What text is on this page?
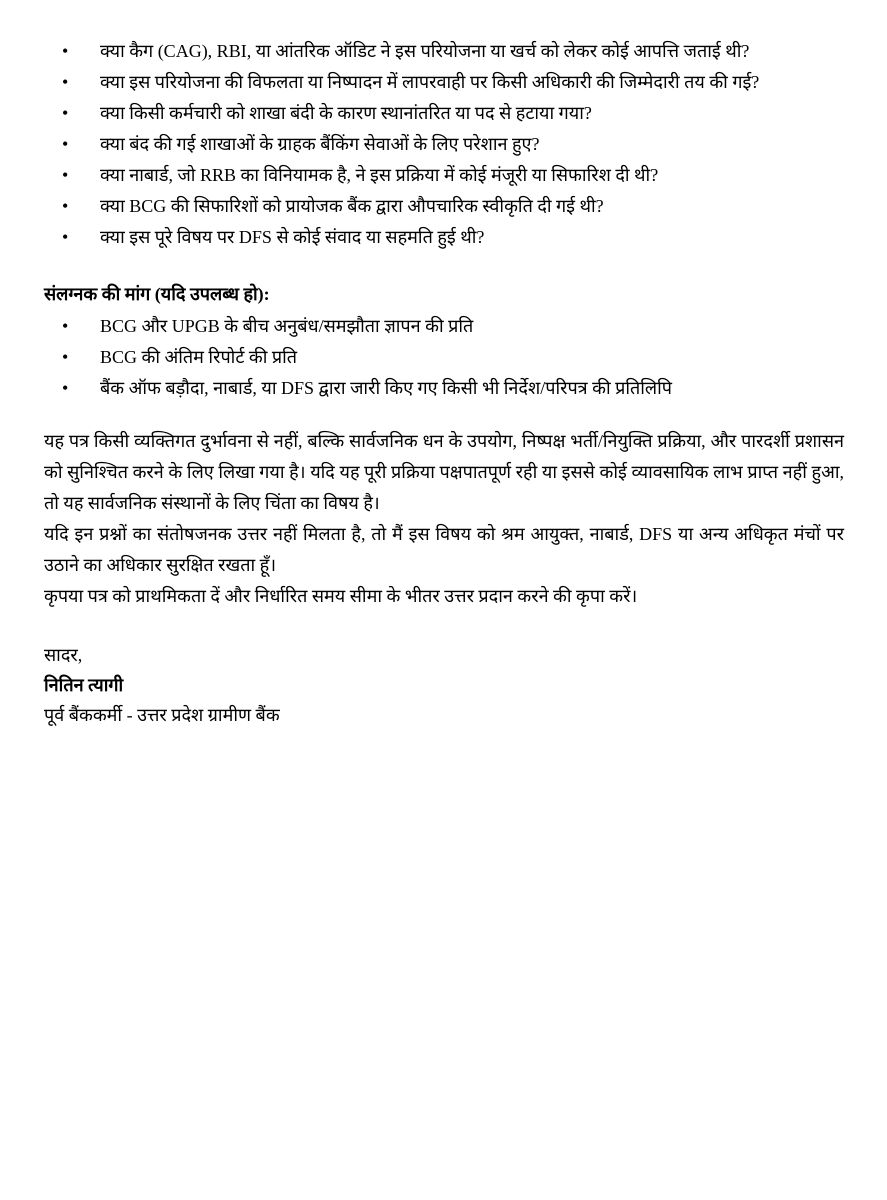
• क्या कैग (CAG), RBI, या आंतरिक ऑडिट ने इस परियोजना या खर्च को लेकर कोई आपत्ति जताई थी?
• क्या इस परियोजना की विफलता या निष्पादन में लापरवाही पर किसी अधिकारी की जिम्मेदारी तय की गई?
• क्या किसी कर्मचारी को शाखा बंदी के कारण स्थानांतरित या पद से हटाया गया?
• क्या बंद की गई शाखाओं के ग्राहक बैंकिंग सेवाओं के लिए परेशान हुए?
• क्या नाबार्ड, जो RRB का विनियामक है, ने इस प्रक्रिया में कोई मंजूरी या सिफारिश दी थी?
• क्या BCG की सिफारिशों को प्रायोजक बैंक द्वारा औपचारिक स्वीकृति दी गई थी?
• क्या इस पूरे विषय पर DFS से कोई संवाद या सहमति हुई थी?
संलग्नक की मांग (यदि उपलब्ध हो):
• BCG और UPGB के बीच अनुबंध/समझौता ज्ञापन की प्रति
• BCG की अंतिम रिपोर्ट की प्रति
• बैंक ऑफ बड़ौदा, नाबार्ड, या DFS द्वारा जारी किए गए किसी भी निर्देश/परिपत्र की प्रतिलिपि

यह पत्र किसी व्यक्तिगत दुर्भावना से नहीं, बल्कि सार्वजनिक धन के उपयोग, निष्पक्ष भर्ती/नियुक्ति प्रक्रिया, और पारदर्शी प्रशासन को सुनिश्चित करने के लिए लिखा गया है। यदि यह पूरी प्रक्रिया पक्षपातपूर्ण रही या इससे कोई व्यावसायिक लाभ प्राप्त नहीं हुआ, तो यह सार्वजनिक संस्थानों के लिए चिंता का विषय है।

यदि इन प्रश्नों का संतोषजनक उत्तर नहीं मिलता है, तो मैं इस विषय को श्रम आयुक्त, नाबार्ड, DFS या अन्य अधिकृत मंचों पर उठाने का अधिकार सुरक्षित रखता हूँ।

कृपया पत्र को प्राथमिकता दें और निर्धारित समय सीमा के भीतर उत्तर प्रदान करने की कृपा करें।

सादर,
नितिन त्यागी
पूर्व बैंककर्मी - उत्तर प्रदेश ग्रामीण बैंक
